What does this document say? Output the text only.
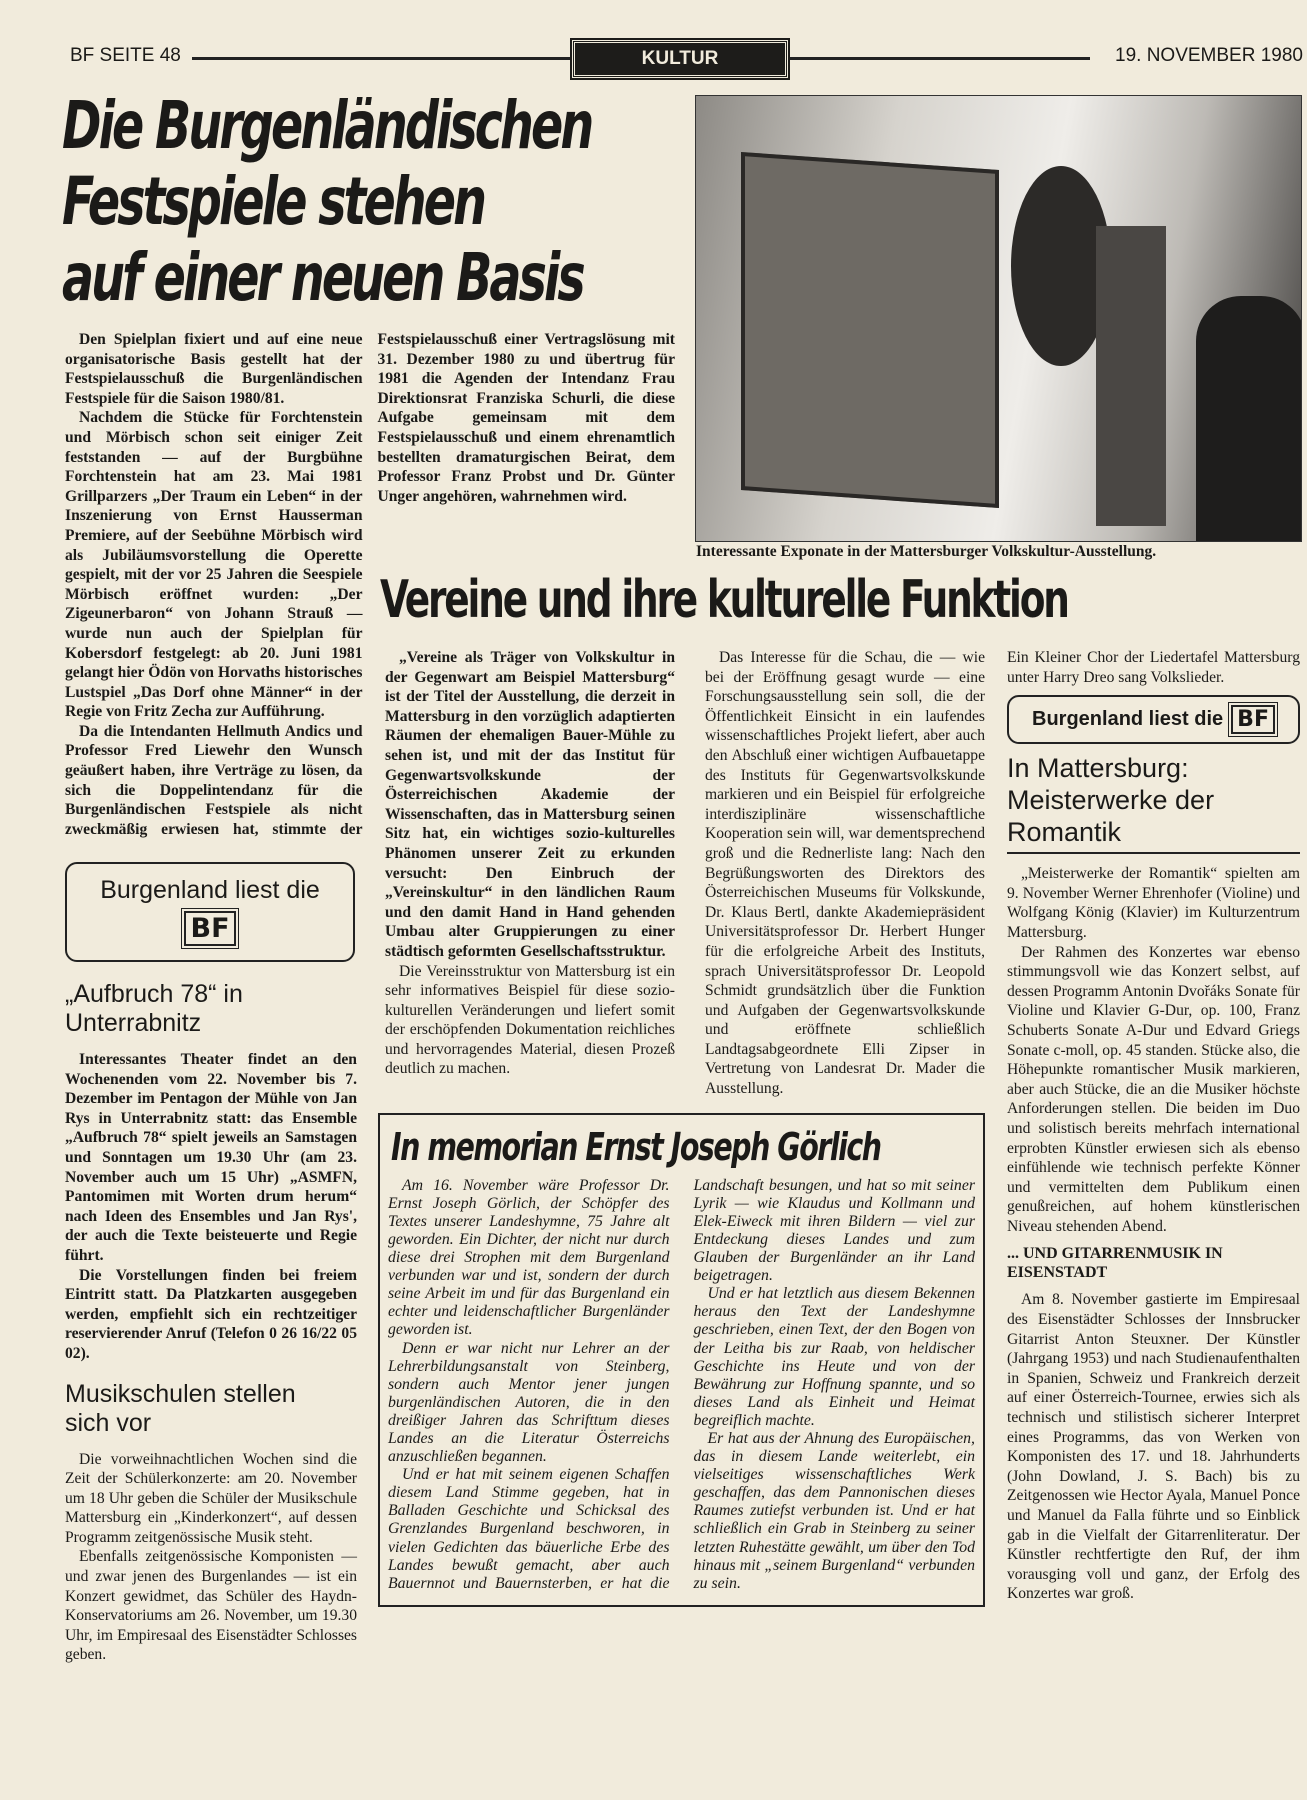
BF SEITE 48	KULTUR	19. NOVEMBER 1980
Die Burgenländischen
Festspiele stehen
auf einer neuen Basis
Interessante Exponate in der Mattersburger Volkskultur-Ausstellung.

Den Spielplan fixiert und auf eine neue organisatorische Basis gestellt hat der Festspielausschuß die Burgenländischen Festspiele für die Saison 1980/81.

Nachdem die Stücke für Forchtenstein und Mörbisch schon seit einiger Zeit feststanden — auf der Burgbühne Forchtenstein hat am 23. Mai 1981 Grillparzers „Der Traum ein Leben“ in der Inszenierung von Ernst Hausserman Premiere, auf der Seebühne Mörbisch wird als Jubiläumsvorstellung die Operette gespielt, mit der vor 25 Jahren die Seespiele Mörbisch eröffnet wurden: „Der Zigeunerbaron“ von Johann Strauß — wurde nun auch der Spielplan für Kobersdorf festgelegt: ab 20. Juni 1981 gelangt hier Ödön von Horvaths historisches Lustspiel „Das Dorf ohne Männer“ in der Regie von Fritz Zecha zur Aufführung.

Da die Intendanten Hellmuth Andics und Professor Fred Liewehr den Wunsch geäußert haben, ihre Verträge zu lösen, da sich die Doppelintendanz für die Burgenländischen Festspiele als nicht zweckmäßig erwiesen hat, stimmte der Festspielausschuß einer Vertragslösung mit 31. Dezember 1980 zu und übertrug für 1981 die Agenden der Intendanz Frau Direktionsrat Franziska Schurli, die diese Aufgabe gemeinsam mit dem Festspielausschuß und einem ehrenamtlich bestellten dramaturgischen Beirat, dem Professor Franz Probst und Dr. Günter Unger angehören, wahrnehmen wird.

Burgenland liest die
BF
„Aufbruch 78“ in Unterrabnitz

Interessantes Theater findet an den Wochenenden vom 22. November bis 7. Dezember im Pentagon der Mühle von Jan Rys in Unterrabnitz statt: das Ensemble „Aufbruch 78“ spielt jeweils an Samstagen und Sonntagen um 19.30 Uhr (am 23. November auch um 15 Uhr) „ASMFN, Pantomimen mit Worten drum herum“ nach Ideen des Ensembles und Jan Rys', der auch die Texte beisteuerte und Regie führt.

Die Vorstellungen finden bei freiem Eintritt statt. Da Platzkarten ausgegeben werden, empfiehlt sich ein rechtzeitiger reservierender Anruf (Telefon 0 26 16/22 05 02).

Musikschulen stellen sich vor

Die vorweihnachtlichen Wochen sind die Zeit der Schülerkonzerte: am 20. November um 18 Uhr geben die Schüler der Musikschule Mattersburg ein „Kinderkonzert“, auf dessen Programm zeitgenössische Musik steht.

Ebenfalls zeitgenössische Komponisten — und zwar jenen des Burgenlandes — ist ein Konzert gewidmet, das Schüler des Haydn-Konservatoriums am 26. November, um 19.30 Uhr, im Empiresaal des Eisenstädter Schlosses geben.

Vereine und ihre kulturelle Funktion

„Vereine als Träger von Volkskultur in der Gegenwart am Beispiel Mattersburg“ ist der Titel der Ausstellung, die derzeit in Mattersburg in den vorzüglich adaptierten Räumen der ehemaligen Bauer-Mühle zu sehen ist, und mit der das Institut für Gegenwartsvolkskunde der Österreichischen Akademie der Wissenschaften, das in Mattersburg seinen Sitz hat, ein wichtiges sozio-kulturelles Phänomen unserer Zeit zu erkunden versucht: Den Einbruch der „Vereinskultur“ in den ländlichen Raum und den damit Hand in Hand gehenden Umbau alter Gruppierungen zu einer städtisch geformten Gesellschaftsstruktur.

Die Vereinsstruktur von Mattersburg ist ein sehr informatives Beispiel für diese sozio-kulturellen Veränderungen und liefert somit der erschöpfenden Dokumentation reichliches und hervorragendes Material, diesen Prozeß deutlich zu machen.

Das Interesse für die Schau, die — wie bei der Eröffnung gesagt wurde — eine Forschungsausstellung sein soll, die der Öffentlichkeit Einsicht in ein laufendes wissenschaftliches Projekt liefert, aber auch den Abschluß einer wichtigen Aufbauetappe des Instituts für Gegenwartsvolkskunde markieren und ein Beispiel für erfolgreiche interdisziplinäre wissenschaftliche Kooperation sein will, war dementsprechend groß und die Rednerliste lang: Nach den Begrüßungsworten des Direktors des Österreichischen Museums für Volkskunde, Dr. Klaus Bertl, dankte Akademiepräsident Universitätsprofessor Dr. Herbert Hunger für die erfolgreiche Arbeit des Instituts, sprach Universitätsprofessor Dr. Leopold Schmidt grundsätzlich über die Funktion und Aufgaben der Gegenwartsvolkskunde und eröffnete schließlich Landtagsabgeordnete Elli Zipser in Vertretung von Landesrat Dr. Mader die Ausstellung.

In memorian Ernst Joseph Görlich

Am 16. November wäre Professor Dr. Ernst Joseph Görlich, der Schöpfer des Textes unserer Landeshymne, 75 Jahre alt geworden. Ein Dichter, der nicht nur durch diese drei Strophen mit dem Burgenland verbunden war und ist, sondern der durch seine Arbeit im und für das Burgenland ein echter und leidenschaftlicher Burgenländer geworden ist.

Denn er war nicht nur Lehrer an der Lehrerbildungsanstalt von Steinberg, sondern auch Mentor jener jungen burgenländischen Autoren, die in den dreißiger Jahren das Schrifttum dieses Landes an die Literatur Österreichs anzuschließen begannen.

Und er hat mit seinem eigenen Schaffen diesem Land Stimme gegeben, hat in Balladen Geschichte und Schicksal des Grenzlandes Burgenland beschworen, in vielen Gedichten das bäuerliche Erbe des Landes bewußt gemacht, aber auch Bauernnot und Bauernsterben, er hat die Landschaft besungen, und hat so mit seiner Lyrik — wie Klaudus und Kollmann und Elek-Eiweck mit ihren Bildern — viel zur Entdeckung dieses Landes und zum Glauben der Burgenländer an ihr Land beigetragen.

Und er hat letztlich aus diesem Bekennen heraus den Text der Landeshymne geschrieben, einen Text, der den Bogen von der Leitha bis zur Raab, von heldischer Geschichte ins Heute und von der Bewährung zur Hoffnung spannte, und so dieses Land als Einheit und Heimat begreiflich machte.

Er hat aus der Ahnung des Europäischen, das in diesem Lande weiterlebt, ein vielseitiges wissenschaftliches Werk geschaffen, das dem Pannonischen dieses Raumes zutiefst verbunden ist. Und er hat schließlich ein Grab in Steinberg zu seiner letzten Ruhestätte gewählt, um über den Tod hinaus mit „seinem Burgenland“ verbunden zu sein.

Ein Kleiner Chor der Liedertafel Mattersburg unter Harry Dreo sang Volkslieder.

Burgenland liest die BF
In Mattersburg: Meisterwerke der Romantik

„Meisterwerke der Romantik“ spielten am 9. November Werner Ehrenhofer (Violine) und Wolfgang König (Klavier) im Kulturzentrum Mattersburg.

Der Rahmen des Konzertes war ebenso stimmungsvoll wie das Konzert selbst, auf dessen Programm Antonin Dvořáks Sonate für Violine und Klavier G-Dur, op. 100, Franz Schuberts Sonate A-Dur und Edvard Griegs Sonate c-moll, op. 45 standen. Stücke also, die Höhepunkte romantischer Musik markieren, aber auch Stücke, die an die Musiker höchste Anforderungen stellen. Die beiden im Duo und solistisch bereits mehrfach international erprobten Künstler erwiesen sich als ebenso einfühlende wie technisch perfekte Könner und vermittelten dem Publikum einen genußreichen, auf hohem künstlerischen Niveau stehenden Abend.

... UND GITARRENMUSIK IN EISENSTADT

Am 8. November gastierte im Empiresaal des Eisenstädter Schlosses der Innsbrucker Gitarrist Anton Steuxner. Der Künstler (Jahrgang 1953) und nach Studienaufenthalten in Spanien, Schweiz und Frankreich derzeit auf einer Österreich-Tournee, erwies sich als technisch und stilistisch sicherer Interpret eines Programms, das von Werken von Komponisten des 17. und 18. Jahrhunderts (John Dowland, J. S. Bach) bis zu Zeitgenossen wie Hector Ayala, Manuel Ponce und Manuel da Falla führte und so Einblick gab in die Vielfalt der Gitarrenliteratur. Der Künstler rechtfertigte den Ruf, der ihm vorausging voll und ganz, der Erfolg des Konzertes war groß.
